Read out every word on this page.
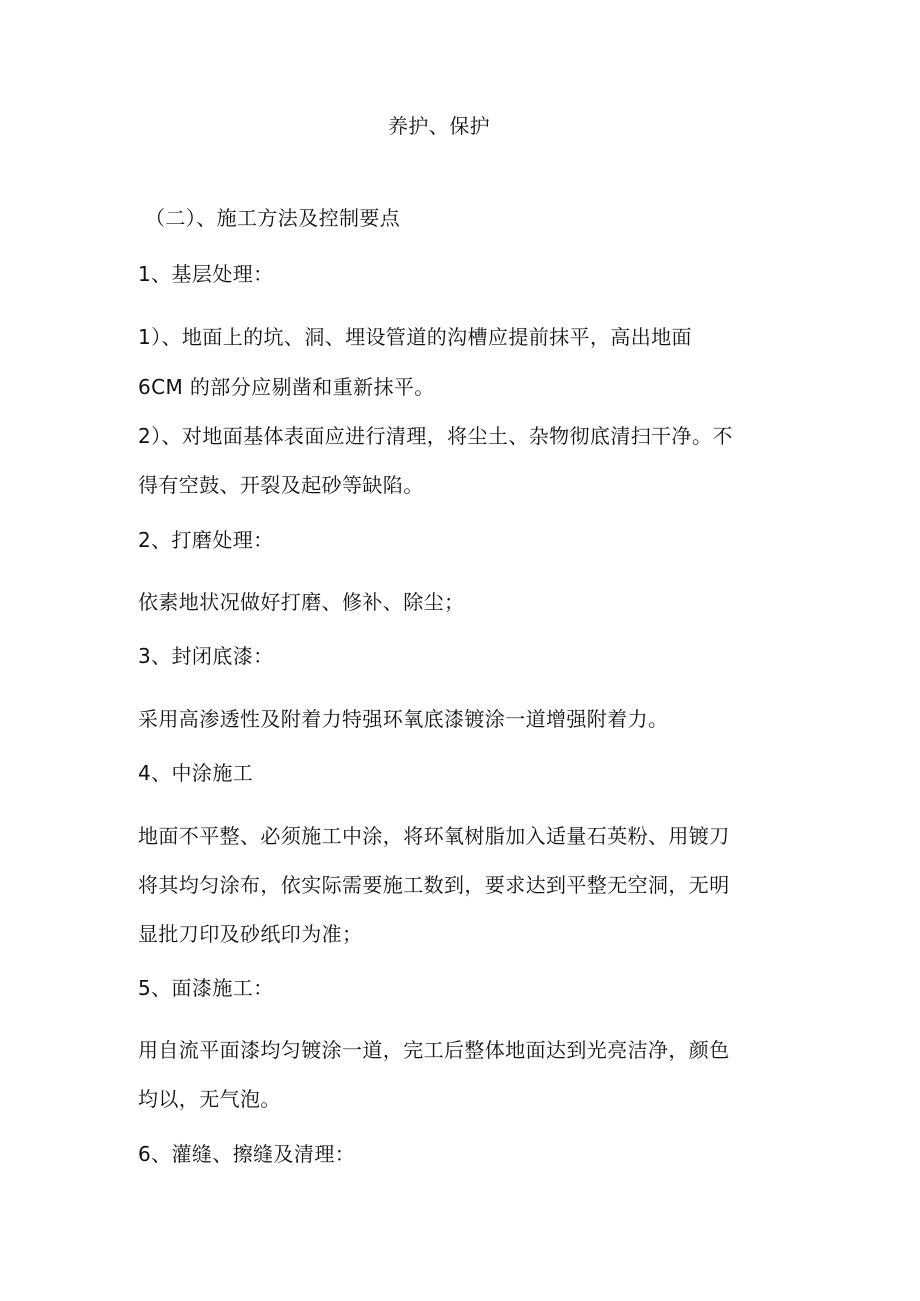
养护、保护
（二）、施工方法及控制要点
1、基层处理：
1）、地面上的坑、洞、埋设管道的沟槽应提前抹平，高出地面
6CM 的部分应剔凿和重新抹平。
2）、对地面基体表面应进行清理，将尘土、杂物彻底清扫干净。不
得有空鼓、开裂及起砂等缺陷。
2、打磨处理：
依素地状况做好打磨、修补、除尘；
3、封闭底漆：
采用高渗透性及附着力特强环氧底漆镀涂一道增强附着力。
4、中涂施工
地面不平整、必须施工中涂，将环氧树脂加入适量石英粉、用镀刀
将其均匀涂布，依实际需要施工数到，要求达到平整无空洞，无明
显批刀印及砂纸印为准；
5、面漆施工：
用自流平面漆均匀镀涂一道，完工后整体地面达到光亮洁净，颜色
均以，无气泡。
6、灌缝、擦缝及清理：
